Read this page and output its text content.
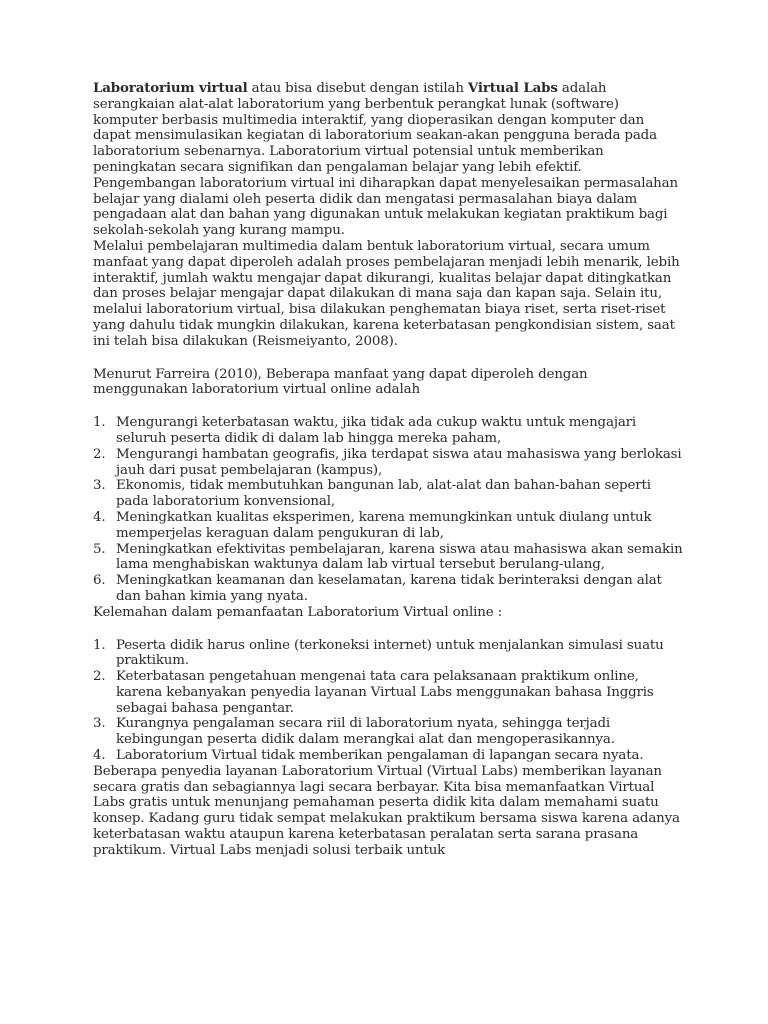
Laboratorium virtual atau bisa disebut dengan istilah Virtual Labs adalah serangkaian alat-alat laboratorium yang berbentuk perangkat lunak (software) komputer berbasis multimedia interaktif, yang dioperasikan dengan komputer dan dapat mensimulasikan kegiatan di laboratorium seakan-akan pengguna berada pada laboratorium sebenarnya. Laboratorium virtual potensial untuk memberikan peningkatan secara signifikan dan pengalaman belajar yang lebih efektif.

Pengembangan laboratorium virtual ini diharapkan dapat menyelesaikan permasalahan belajar yang dialami oleh peserta didik dan mengatasi permasalahan biaya dalam pengadaan alat dan bahan yang digunakan untuk melakukan kegiatan praktikum bagi sekolah-sekolah yang kurang mampu.

Melalui pembelajaran multimedia dalam bentuk laboratorium virtual, secara umum manfaat yang dapat diperoleh adalah proses pembelajaran menjadi lebih menarik, lebih interaktif, jumlah waktu mengajar dapat dikurangi, kualitas belajar dapat ditingkatkan dan proses belajar mengajar dapat dilakukan di mana saja dan kapan saja. Selain itu, melalui laboratorium virtual, bisa dilakukan penghematan biaya riset, serta riset-riset yang dahulu tidak mungkin dilakukan, karena keterbatasan pengkondisian sistem, saat ini telah bisa dilakukan (Reismeiyanto, 2008).

Menurut Farreira (2010), Beberapa manfaat yang dapat diperoleh dengan menggunakan laboratorium virtual online adalah

1. Mengurangi keterbatasan waktu, jika tidak ada cukup waktu untuk mengajari seluruh peserta didik di dalam lab hingga mereka paham,
2. Mengurangi hambatan geografis, jika terdapat siswa atau mahasiswa yang berlokasi jauh dari pusat pembelajaran (kampus),
3. Ekonomis, tidak membutuhkan bangunan lab, alat-alat dan bahan-bahan seperti pada laboratorium konvensional,
4. Meningkatkan kualitas eksperimen, karena memungkinkan untuk diulang untuk memperjelas keraguan dalam pengukuran di lab,
5. Meningkatkan efektivitas pembelajaran, karena siswa atau mahasiswa akan semakin lama menghabiskan waktunya dalam lab virtual tersebut berulang-ulang,
6. Meningkatkan keamanan dan keselamatan, karena tidak berinteraksi dengan alat dan bahan kimia yang nyata.

Kelemahan dalam pemanfaatan Laboratorium Virtual online :

1. Peserta didik harus online (terkoneksi internet) untuk menjalankan simulasi suatu praktikum.
2. Keterbatasan pengetahuan mengenai tata cara pelaksanaan praktikum online, karena kebanyakan penyedia layanan Virtual Labs menggunakan bahasa Inggris sebagai bahasa pengantar.
3. Kurangnya pengalaman secara riil di laboratorium nyata, sehingga terjadi kebingungan peserta didik dalam merangkai alat dan mengoperasikannya.
4. Laboratorium Virtual tidak memberikan pengalaman di lapangan secara nyata.

Beberapa penyedia layanan Laboratorium Virtual (Virtual Labs) memberikan layanan secara gratis dan sebagiannya lagi secara berbayar. Kita bisa memanfaatkan Virtual Labs gratis untuk menunjang pemahaman peserta didik kita dalam memahami suatu konsep. Kadang guru tidak sempat melakukan praktikum bersama siswa karena adanya keterbatasan waktu ataupun karena keterbatasan peralatan serta sarana prasana praktikum. Virtual Labs menjadi solusi terbaik untuk
